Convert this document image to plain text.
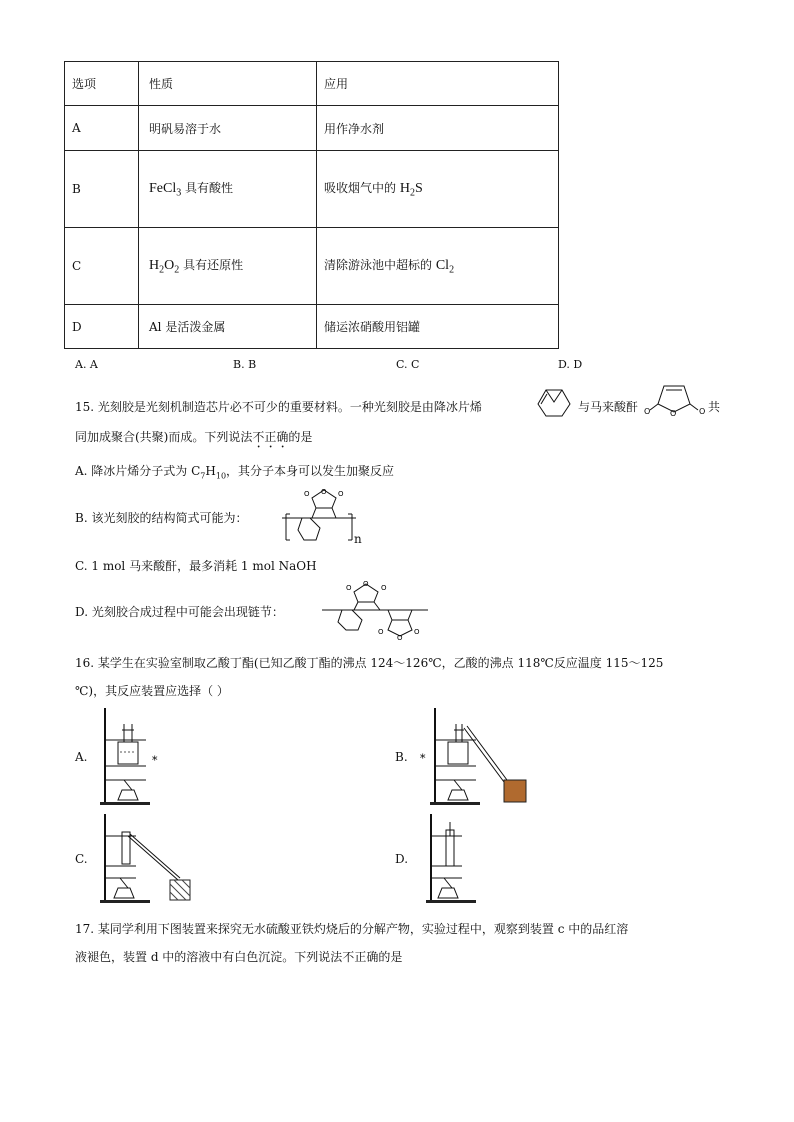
选项	性质	应用
A	明矾易溶于水	用作净水剂
B	FeCl$_3$ 具有酸性	吸收烟气中的 $H_2S$
C	$H_2O_2$ 具有还原性	清除游泳池中超标的 $Cl_2$
D	Al 是活泼金属	储运浓硝酸用铝罐
A. A	B. B	C. C	D. D
15. 光刻胶是光刻机制造芯片必不可少的重要材料。一种光刻胶是由降冰片烯	与马来酸酐 O O	O 共
同加成聚合(共聚)而成。下列说法不正确的是
A. 降冰片烯分子式为 $C_7H_{10}$，其分子本身可以发生加聚反应
B. 该光刻胶的结构简式可能为：
O O O
n
C. 1 mol 马来酸酐，最多消耗 1 mol NaOH
D. 光刻胶合成过程中可能会出现链节：
O O O
O
O
O
16. 某学生在实验室制取乙酸丁酯(已知乙酸丁酯的沸点 124～126℃，乙酸的沸点 118℃反应温度 115～125
℃)，其反应装置应选择（ ）
A.	*	B. *
C.	D.
17. 某同学利用下图装置来探究无水硫酸亚铁灼烧后的分解产物，实验过程中，观察到装置 c 中的品红溶
液褪色，装置 d 中的溶液中有白色沉淀。下列说法不正确的是
